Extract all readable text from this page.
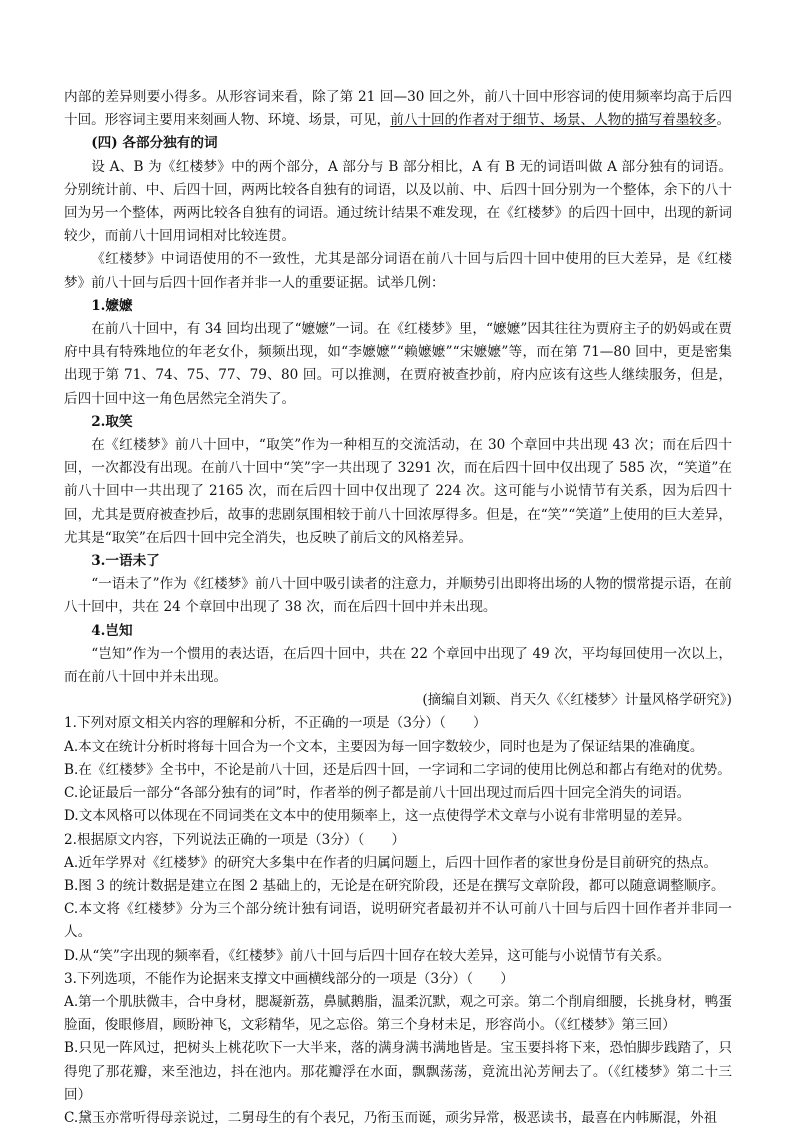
内部的差异则要小得多。从形容词来看，除了第 21 回—30 回之外，前八十回中形容词的使用频率均高于后四十回。形容词主要用来刻画人物、环境、场景，可见，前八十回的作者对于细节、场景、人物的描写着墨较多。

(四) 各部分独有的词

设 A、B 为《红楼梦》中的两个部分，A 部分与 B 部分相比，A 有 B 无的词语叫做 A 部分独有的词语。分别统计前、中、后四十回，两两比较各自独有的词语，以及以前、中、后四十回分别为一个整体，余下的八十回为另一个整体，两两比较各自独有的词语。通过统计结果不难发现，在《红楼梦》的后四十回中，出现的新词较少，而前八十回用词相对比较连贯。

《红楼梦》中词语使用的不一致性，尤其是部分词语在前八十回与后四十回中使用的巨大差异，是《红楼梦》前八十回与后四十回作者并非一人的重要证据。试举几例：

1.嬷嬷

在前八十回中，有 34 回均出现了“嬷嬷”一词。在《红楼梦》里，“嬷嬷”因其往往为贾府主子的奶妈或在贾府中具有特殊地位的年老女仆，频频出现，如“李嬷嬷”“赖嬷嬷”“宋嬷嬷”等，而在第 71—80 回中，更是密集出现于第 71、74、75、77、79、80 回。可以推测，在贾府被查抄前，府内应该有这些人继续服务，但是，后四十回中这一角色居然完全消失了。

2.取笑

在《红楼梦》前八十回中，“取笑”作为一种相互的交流活动，在 30 个章回中共出现 43 次；而在后四十回，一次都没有出现。在前八十回中“笑”字一共出现了 3291 次，而在后四十回中仅出现了 585 次，“笑道”在前八十回中一共出现了 2165 次，而在后四十回中仅出现了 224 次。这可能与小说情节有关系，因为后四十回，尤其是贾府被查抄后，故事的悲剧氛围相较于前八十回浓厚得多。但是，在“笑”“笑道”上使用的巨大差异，尤其是“取笑”在后四十回中完全消失，也反映了前后文的风格差异。

3.一语未了

“一语未了”作为《红楼梦》前八十回中吸引读者的注意力，并顺势引出即将出场的人物的惯常提示语，在前八十回中，共在 24 个章回中出现了 38 次，而在后四十回中并未出现。

4.岂知

“岂知”作为一个惯用的表达语，在后四十回中，共在 22 个章回中出现了 49 次，平均每回使用一次以上，而在前八十回中并未出现。

(摘编自刘颖、肖天久《〈红楼梦〉计量风格学研究》)

1.下列对原文相关内容的理解和分析，不正确的一项是（3分）（　　）

A.本文在统计分析时将每十回合为一个文本，主要因为每一回字数较少，同时也是为了保证结果的准确度。

B.在《红楼梦》全书中，不论是前八十回，还是后四十回，一字词和二字词的使用比例总和都占有绝对的优势。

C.论证最后一部分“各部分独有的词”时，作者举的例子都是前八十回出现过而后四十回完全消失的词语。

D.文本风格可以体现在不同词类在文本中的使用频率上，这一点使得学术文章与小说有非常明显的差异。

2.根据原文内容，下列说法正确的一项是（3分）（　　）

A.近年学界对《红楼梦》的研究大多集中在作者的归属问题上，后四十回作者的家世身份是目前研究的热点。

B.图 3 的统计数据是建立在图 2 基础上的，无论是在研究阶段，还是在撰写文章阶段，都可以随意调整顺序。

C.本文将《红楼梦》分为三个部分统计独有词语，说明研究者最初并不认可前八十回与后四十回作者并非同一人。

D.从“笑”字出现的频率看，《红楼梦》前八十回与后四十回存在较大差异，这可能与小说情节有关系。

3.下列选项，不能作为论据来支撑文中画横线部分的一项是（3分）（　　）

A.第一个肌肤微丰，合中身材，腮凝新荔，鼻腻鹅脂，温柔沉默，观之可亲。第二个削肩细腰，长挑身材，鸭蛋脸面，俊眼修眉，顾盼神飞，文彩精华，见之忘俗。第三个身材未足，形容尚小。（《红楼梦》第三回）

B.只见一阵风过，把树头上桃花吹下一大半来，落的满身满书满地皆是。宝玉要抖将下来，恐怕脚步践踏了，只得兜了那花瓣，来至池边，抖在池内。那花瓣浮在水面，飘飘荡荡，竟流出沁芳闸去了。（《红楼梦》第二十三回）

C.黛玉亦常听得母亲说过，二舅母生的有个表兄，乃衔玉而诞，顽劣异常，极恶读书，最喜在内帏厮混，外祖
